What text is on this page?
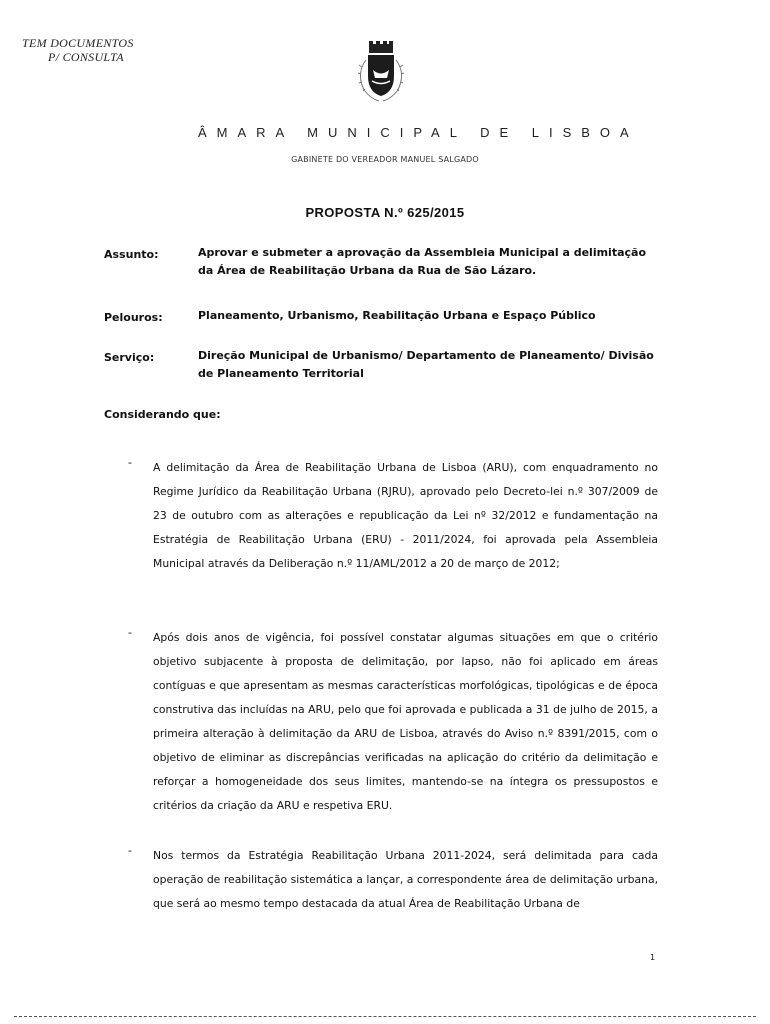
TEM DOCUMENTOS
P/ CONSULTA
ÂMARA MUNICIPAL DE LISBOA
GABINETE DO VEREADOR MANUEL SALGADO
PROPOSTA N.º 625/2015
Assunto:	Aprovar e submeter a aprovação da Assembleia Municipal a delimitação da Área de Reabilitação Urbana da Rua de São Lázaro.
Pelouros:	Planeamento, Urbanismo, Reabilitação Urbana e Espaço Público
Serviço:	Direção Municipal de Urbanismo/ Departamento de Planeamento/ Divisão de Planeamento Territorial
Considerando que:
- A delimitação da Área de Reabilitação Urbana de Lisboa (ARU), com enquadramento no Regime Jurídico da Reabilitação Urbana (RJRU), aprovado pelo Decreto-lei n.º 307/2009 de 23 de outubro com as alterações e republicação da Lei nº 32/2012 e fundamentação na Estratégia de Reabilitação Urbana (ERU) - 2011/2024, foi aprovada pela Assembleia Municipal através da Deliberação n.º 11/AML/2012 a 20 de março de 2012;
- Após dois anos de vigência, foi possível constatar algumas situações em que o critério objetivo subjacente à proposta de delimitação, por lapso, não foi aplicado em áreas contíguas e que apresentam as mesmas características morfológicas, tipológicas e de época construtiva das incluídas na ARU, pelo que foi aprovada e publicada a 31 de julho de 2015, a primeira alteração à delimitação da ARU de Lisboa, através do Aviso n.º 8391/2015, com o objetivo de eliminar as discrepâncias verificadas na aplicação do critério da delimitação e reforçar a homogeneidade dos seus limites, mantendo-se na íntegra os pressupostos e critérios da criação da ARU e respetiva ERU.
- Nos termos da Estratégia Reabilitação Urbana 2011-2024, será delimitada para cada operação de reabilitação sistemática a lançar, a correspondente área de delimitação urbana, que será ao mesmo tempo destacada da atual Área de Reabilitação Urbana de
1
